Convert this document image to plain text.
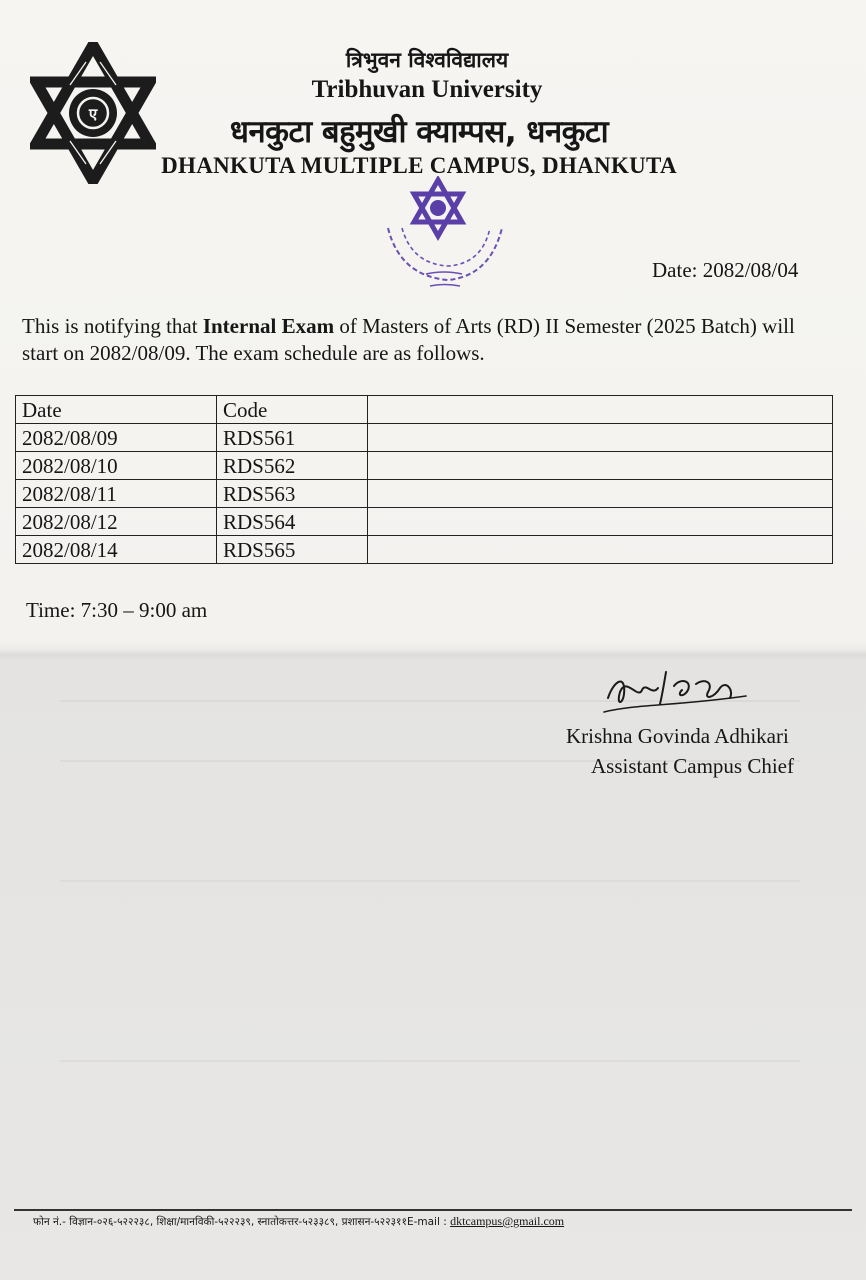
ए
त्रिभुवन विश्वविद्यालय
Tribhuvan University
धनकुटा बहुमुखी क्याम्पस, धनकुटा
DHANKUTA MULTIPLE CAMPUS, DHANKUTA
Date: 2082/08/04
This is notifying that Internal Exam of Masters of Arts (RD) II Semester (2025 Batch) will start on 2082/08/09. The exam schedule are as follows.
Date	Code	
2082/08/09	RDS561	
2082/08/10	RDS562	
2082/08/11	RDS563	
2082/08/12	RDS564	
2082/08/14	RDS565	
Time: 7:30 – 9:00 am
Krishna Govinda Adhikari
Assistant Campus Chief
फोन नं.- विज्ञान-०२६-५२२२३८, शिक्षा/मानविकी-५२२२३९, स्नातोकत्तर-५२३३८९, प्रशासन-५२२३११E-mail : dktcampus@gmail.com
